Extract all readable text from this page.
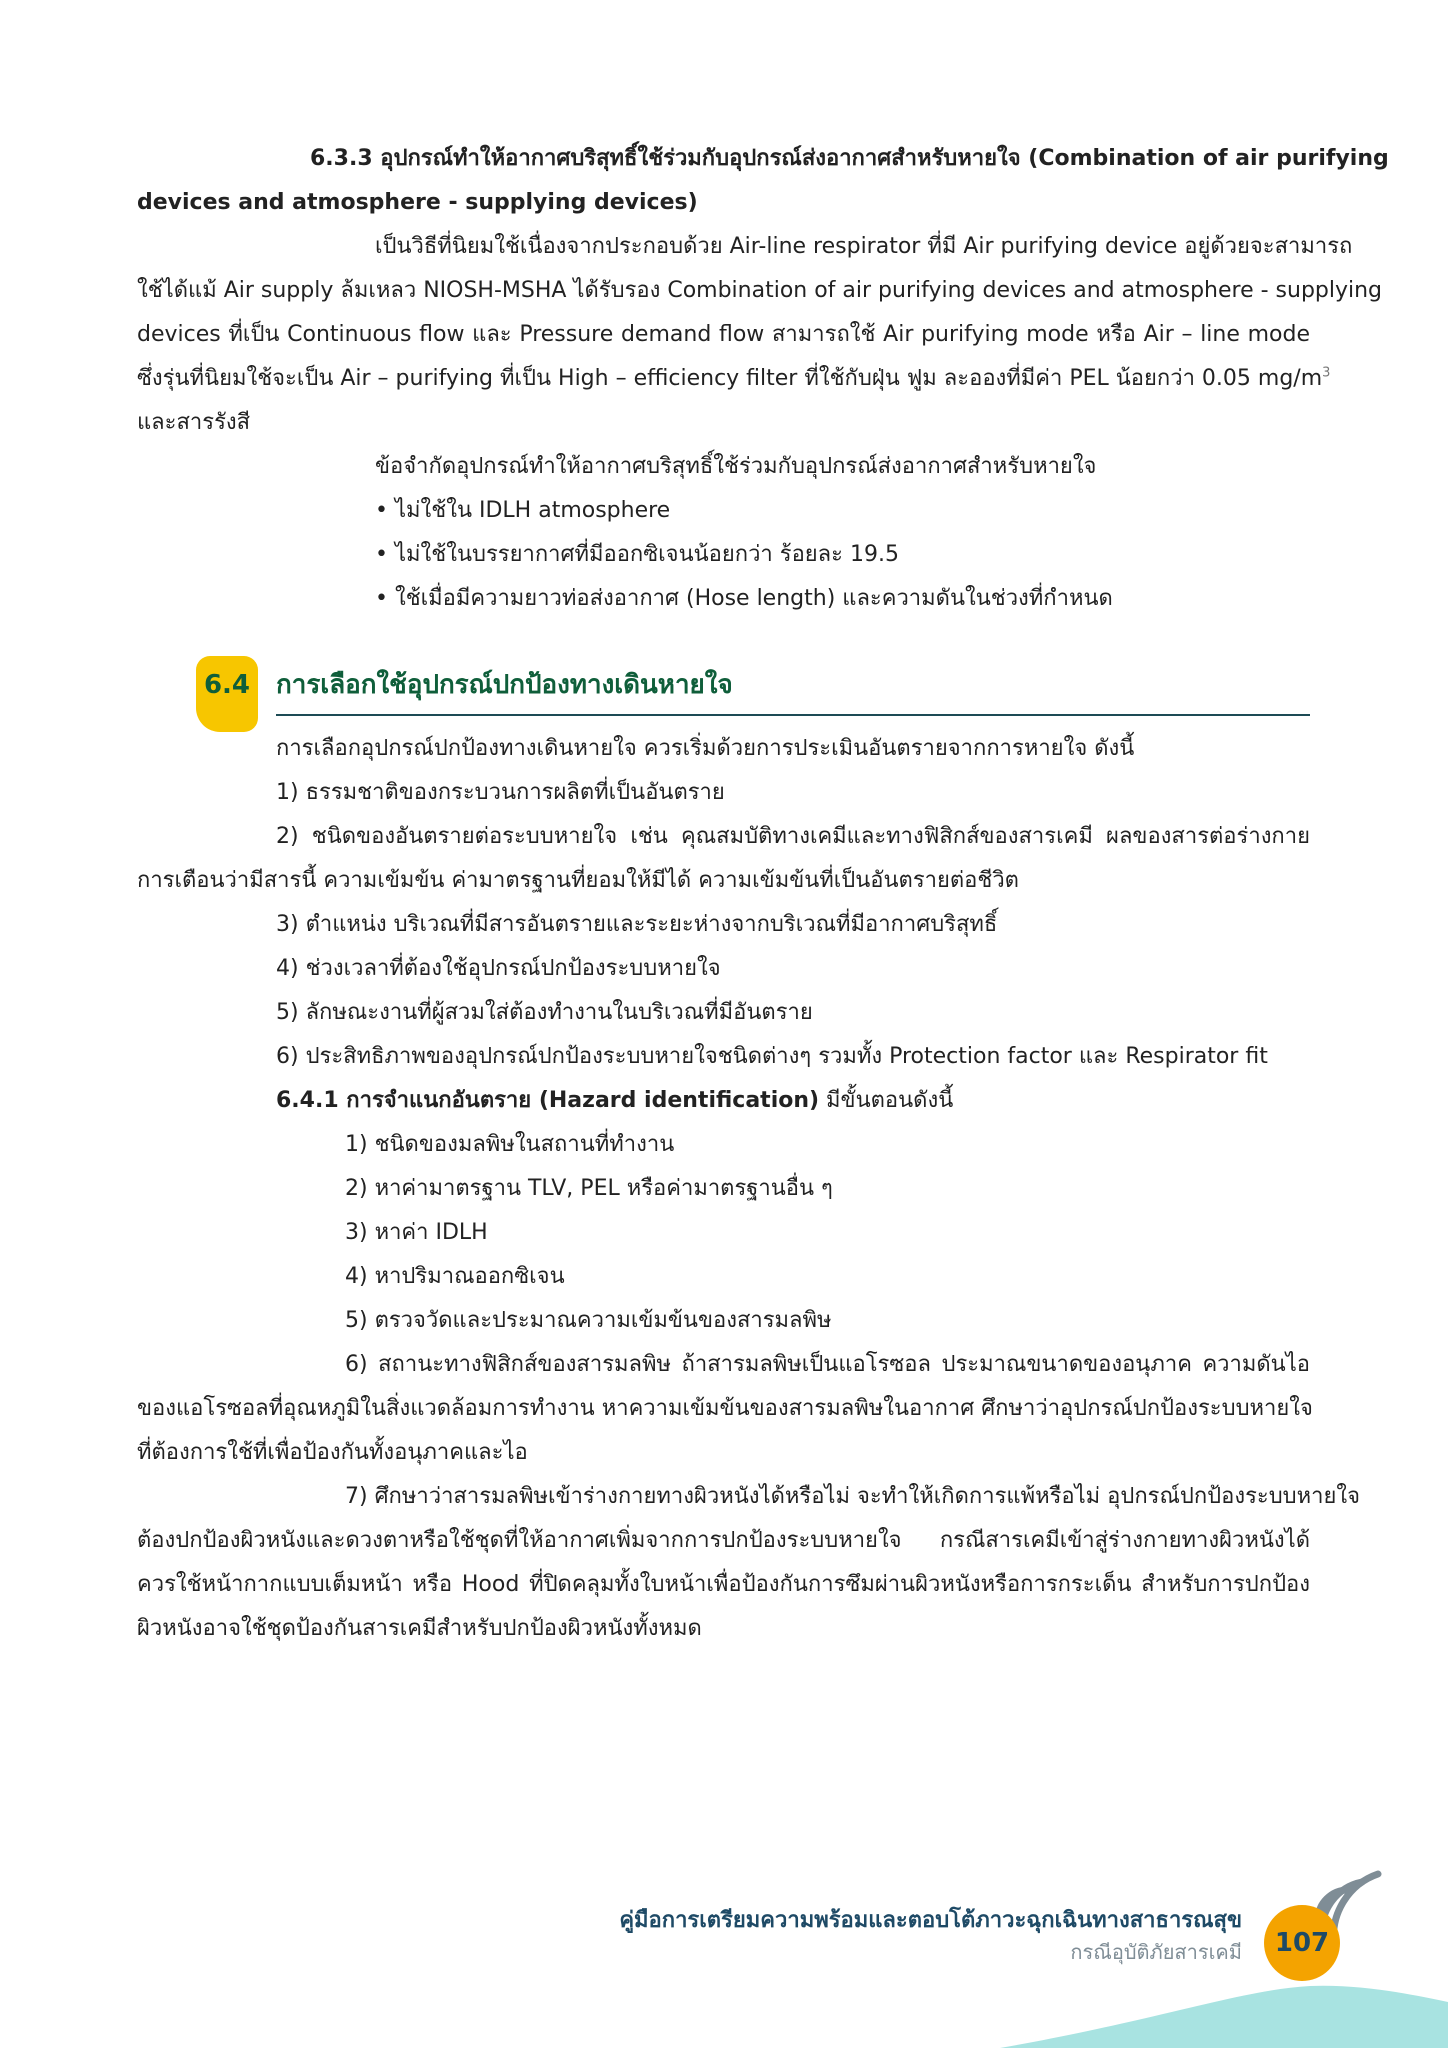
6.3.3 อุปกรณ์ทำให้อากาศบริสุทธิ์ใช้ร่วมกับอุปกรณ์ส่งอากาศสำหรับหายใจ (Combination of air purifying

devices and atmosphere - supplying devices)

เป็นวิธีที่นิยมใช้เนื่องจากประกอบด้วย Air-line respirator ที่มี Air purifying device อยู่ด้วยจะสามารถ

ใช้ได้แม้ Air supply ล้มเหลว NIOSH-MSHA ได้รับรอง Combination of air purifying devices and atmosphere - supplying

devices ที่เป็น Continuous flow และ Pressure demand flow สามารถใช้ Air purifying mode หรือ Air – line mode

ซึ่งรุ่นที่นิยมใช้จะเป็น Air – purifying ที่เป็น High – efficiency filter ที่ใช้กับฝุ่น ฟูม ละอองที่มีค่า PEL น้อยกว่า 0.05 $mg/m^3$

และสารรังสี

ข้อจำกัดอุปกรณ์ทำให้อากาศบริสุทธิ์ใช้ร่วมกับอุปกรณ์ส่งอากาศสำหรับหายใจ

• ไม่ใช้ใน IDLH atmosphere

• ไม่ใช้ในบรรยากาศที่มีออกซิเจนน้อยกว่า ร้อยละ 19.5

• ใช้เมื่อมีความยาวท่อส่งอากาศ (Hose length) และความดันในช่วงที่กำหนด

6.4 การเลือกใช้อุปกรณ์ปกป้องทางเดินหายใจ

การเลือกอุปกรณ์ปกป้องทางเดินหายใจ ควรเริ่มด้วยการประเมินอันตรายจากการหายใจ ดังนี้

1) ธรรมชาติของกระบวนการผลิตที่เป็นอันตราย

2) ชนิดของอันตรายต่อระบบหายใจ เช่น คุณสมบัติทางเคมีและทางฟิสิกส์ของสารเคมี ผลของสารต่อร่างกาย

การเตือนว่ามีสารนี้ ความเข้มข้น ค่ามาตรฐานที่ยอมให้มีได้ ความเข้มข้นที่เป็นอันตรายต่อชีวิต

3) ตำแหน่ง บริเวณที่มีสารอันตรายและระยะห่างจากบริเวณที่มีอากาศบริสุทธิ์

4) ช่วงเวลาที่ต้องใช้อุปกรณ์ปกป้องระบบหายใจ

5) ลักษณะงานที่ผู้สวมใส่ต้องทำงานในบริเวณที่มีอันตราย

6) ประสิทธิภาพของอุปกรณ์ปกป้องระบบหายใจชนิดต่างๆ รวมทั้ง Protection factor และ Respirator fit

6.4.1 การจำแนกอันตราย (Hazard identification) มีขั้นตอนดังนี้

1) ชนิดของมลพิษในสถานที่ทำงาน

2) หาค่ามาตรฐาน TLV, PEL หรือค่ามาตรฐานอื่น ๆ

3) หาค่า IDLH

4) หาปริมาณออกซิเจน

5) ตรวจวัดและประมาณความเข้มข้นของสารมลพิษ

6) สถานะทางฟิสิกส์ของสารมลพิษ ถ้าสารมลพิษเป็นแอโรซอล ประมาณขนาดของอนุภาค ความดันไอ

ของแอโรซอลที่อุณหภูมิในสิ่งแวดล้อมการทำงาน หาความเข้มข้นของสารมลพิษในอากาศ ศึกษาว่าอุปกรณ์ปกป้องระบบหายใจ

ที่ต้องการใช้ที่เพื่อป้องกันทั้งอนุภาคและไอ

7) ศึกษาว่าสารมลพิษเข้าร่างกายทางผิวหนังได้หรือไม่ จะทำให้เกิดการแพ้หรือไม่ อุปกรณ์ปกป้องระบบหายใจ

ต้องปกป้องผิวหนังและดวงตาหรือใช้ชุดที่ให้อากาศเพิ่มจากการปกป้องระบบหายใจ กรณีสารเคมีเข้าสู่ร่างกายทางผิวหนังได้

ควรใช้หน้ากากแบบเต็มหน้า หรือ Hood ที่ปิดคลุมทั้งใบหน้าเพื่อป้องกันการซึมผ่านผิวหนังหรือการกระเด็น สำหรับการปกป้อง

ผิวหนังอาจใช้ชุดป้องกันสารเคมีสำหรับปกป้องผิวหนังทั้งหมด

คู่มือการเตรียมความพร้อมและตอบโต้ภาวะฉุกเฉินทางสาธารณสุข

กรณีอุบัติภัยสารเคมี	107
